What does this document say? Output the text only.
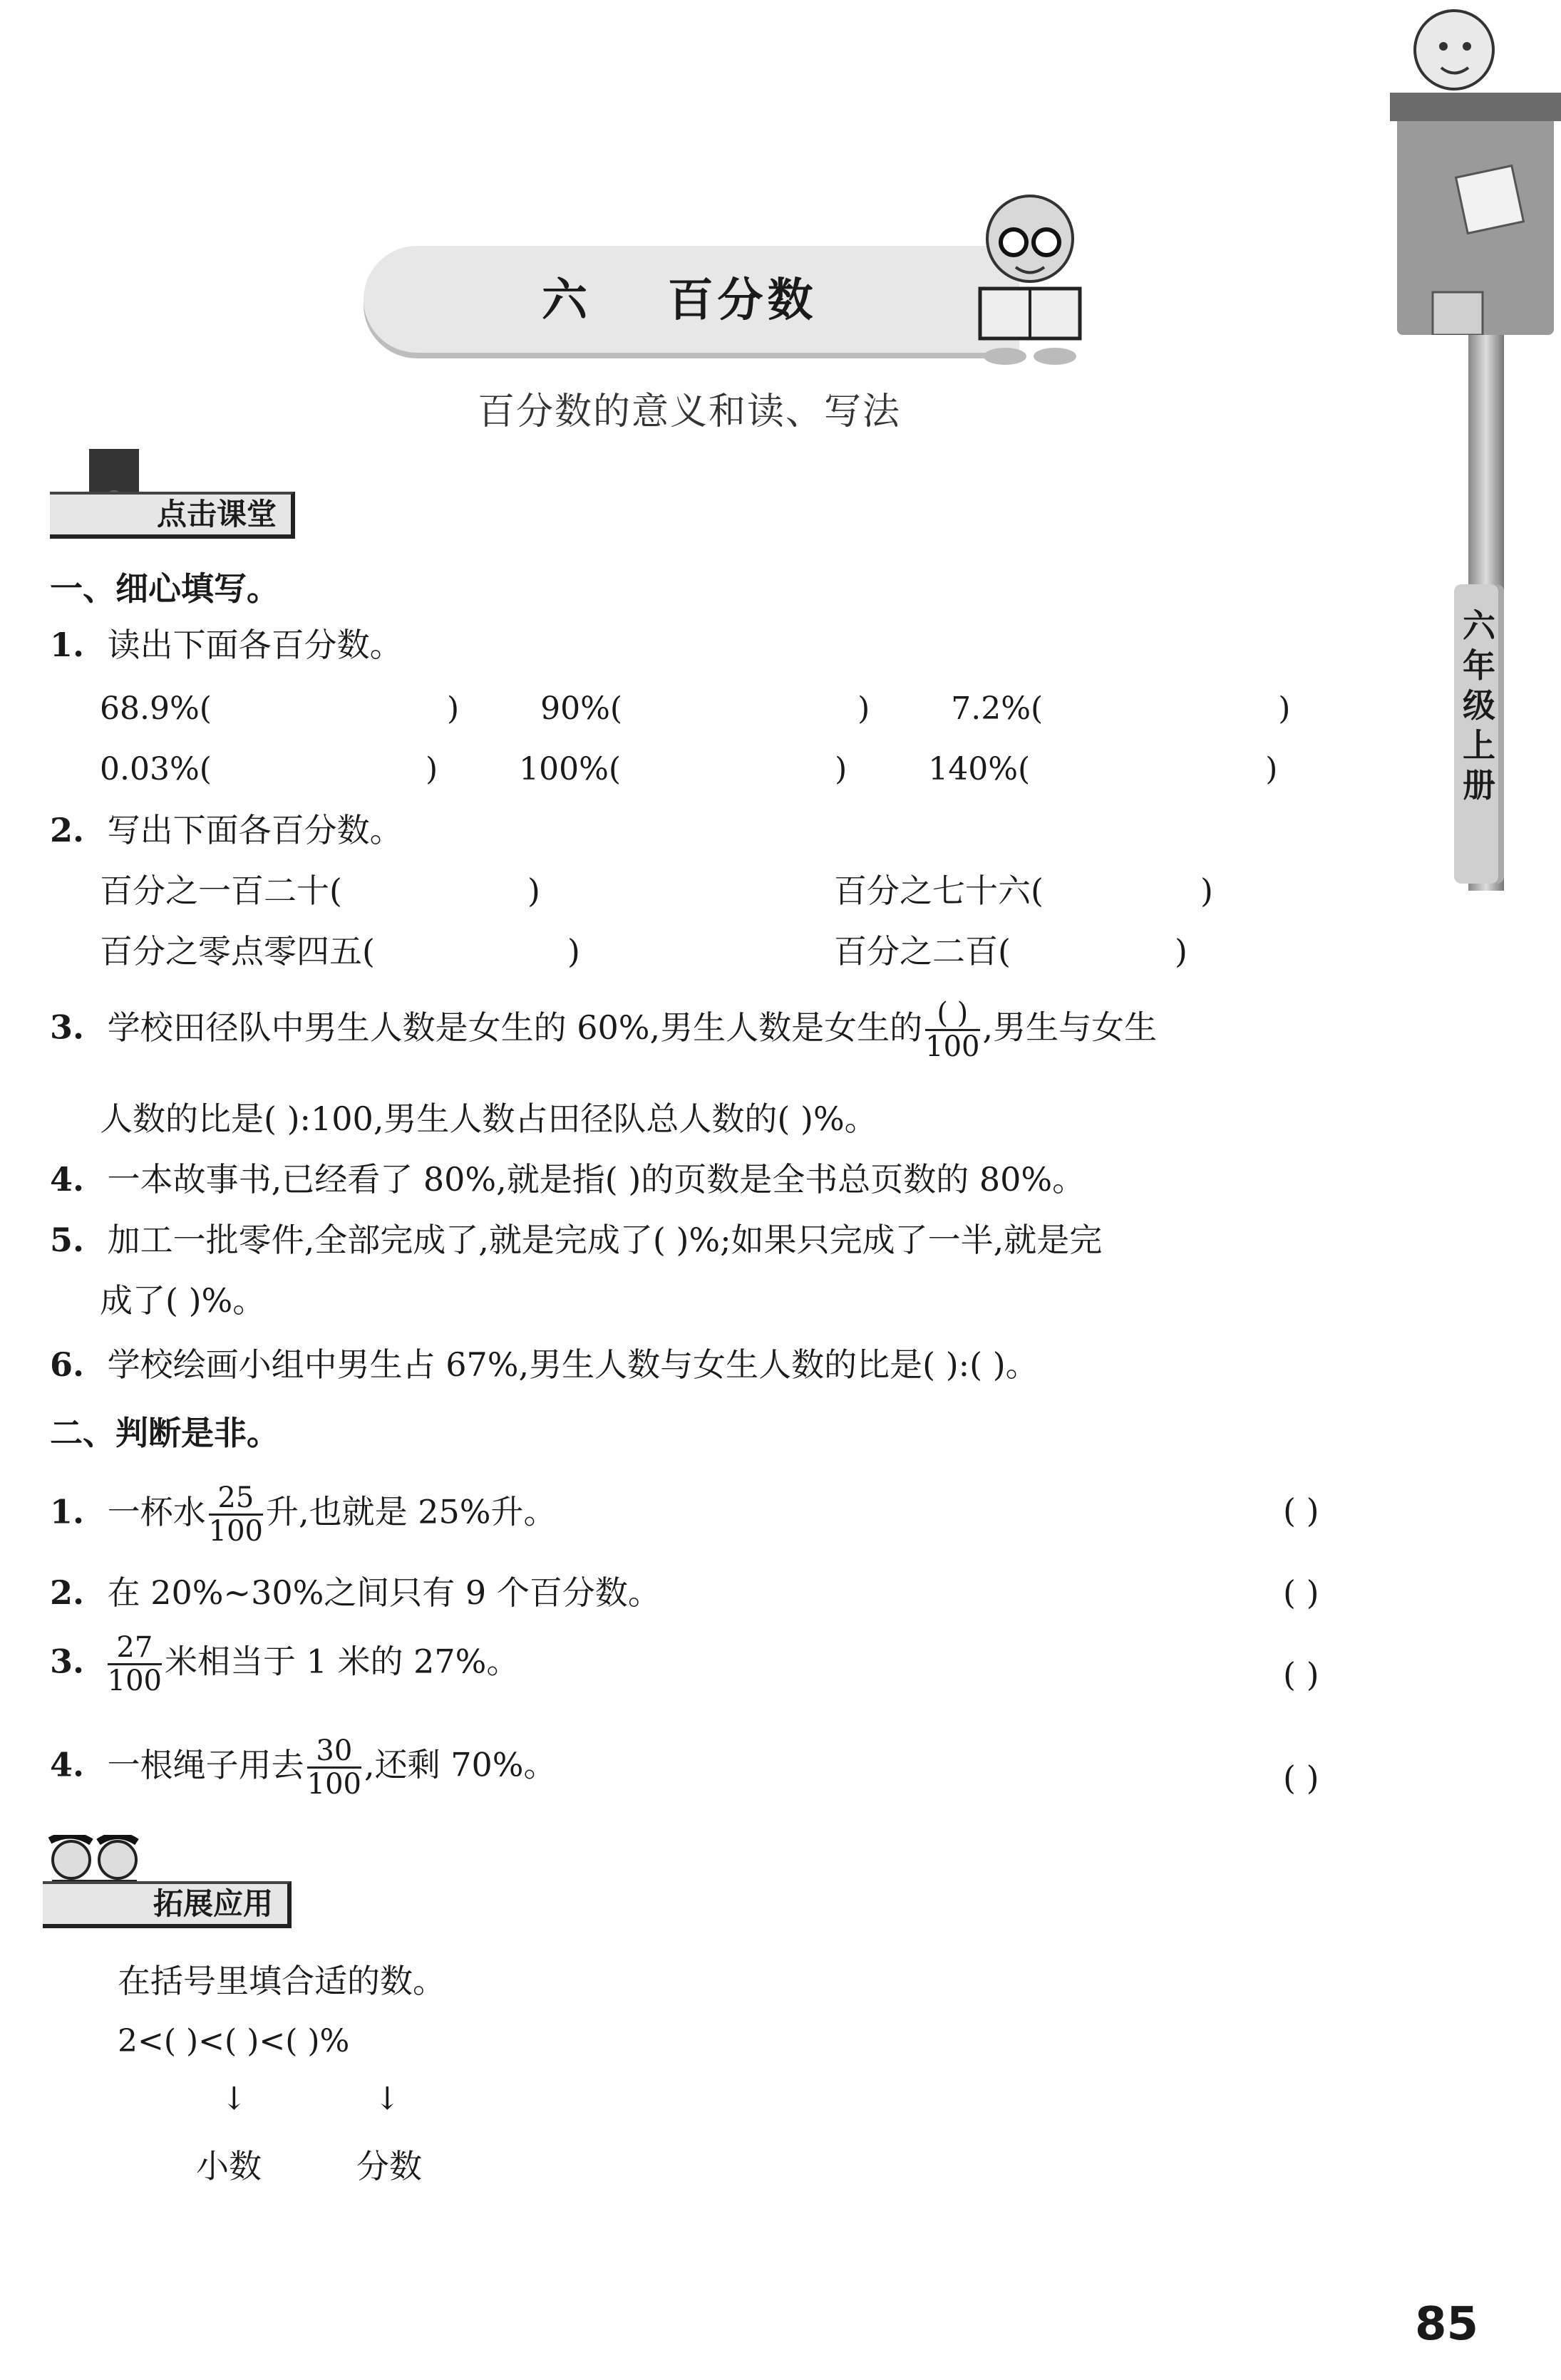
六年级上册
六 百分数
百分数的意义和读、写法
点击课堂
一、细心填写。
1. 读出下面各百分数。
68.9%(	)	90%(	)	7.2%(	)
0.03%(	)	100%(	)	140%(	)
2. 写出下面各百分数。
百分之一百二十(	)	百分之七十六(	)
百分之零点零四五(	)	百分之二百(	)
3. 学校田径队中男生人数是女生的 60%,男生人数是女生的 $\frac{( )}{100}$ ,男生与女生
人数的比是( ):100,男生人数占田径队总人数的( )%。
4. 一本故事书,已经看了 80%,就是指( )的页数是全书总页数的 80%。
5. 加工一批零件,全部完成了,就是完成了( )%;如果只完成了一半,就是完
成了( )%。
6. 学校绘画小组中男生占 67%,男生人数与女生人数的比是( ):( )。
二、判断是非。
1. 一杯水 $\frac{25}{100}$ 升,也就是 25%升。	( )
2. 在 20%~30%之间只有 9 个百分数。	( )
3. $\frac{27}{100}$ 米相当于 1 米的 27%。	( )
4. 一根绳子用去 $\frac{30}{100}$ ,还剩 70%。	( )
拓展应用
在括号里填合适的数。
2<( )<( )<( )%
↓	↓
小数	分数
85
